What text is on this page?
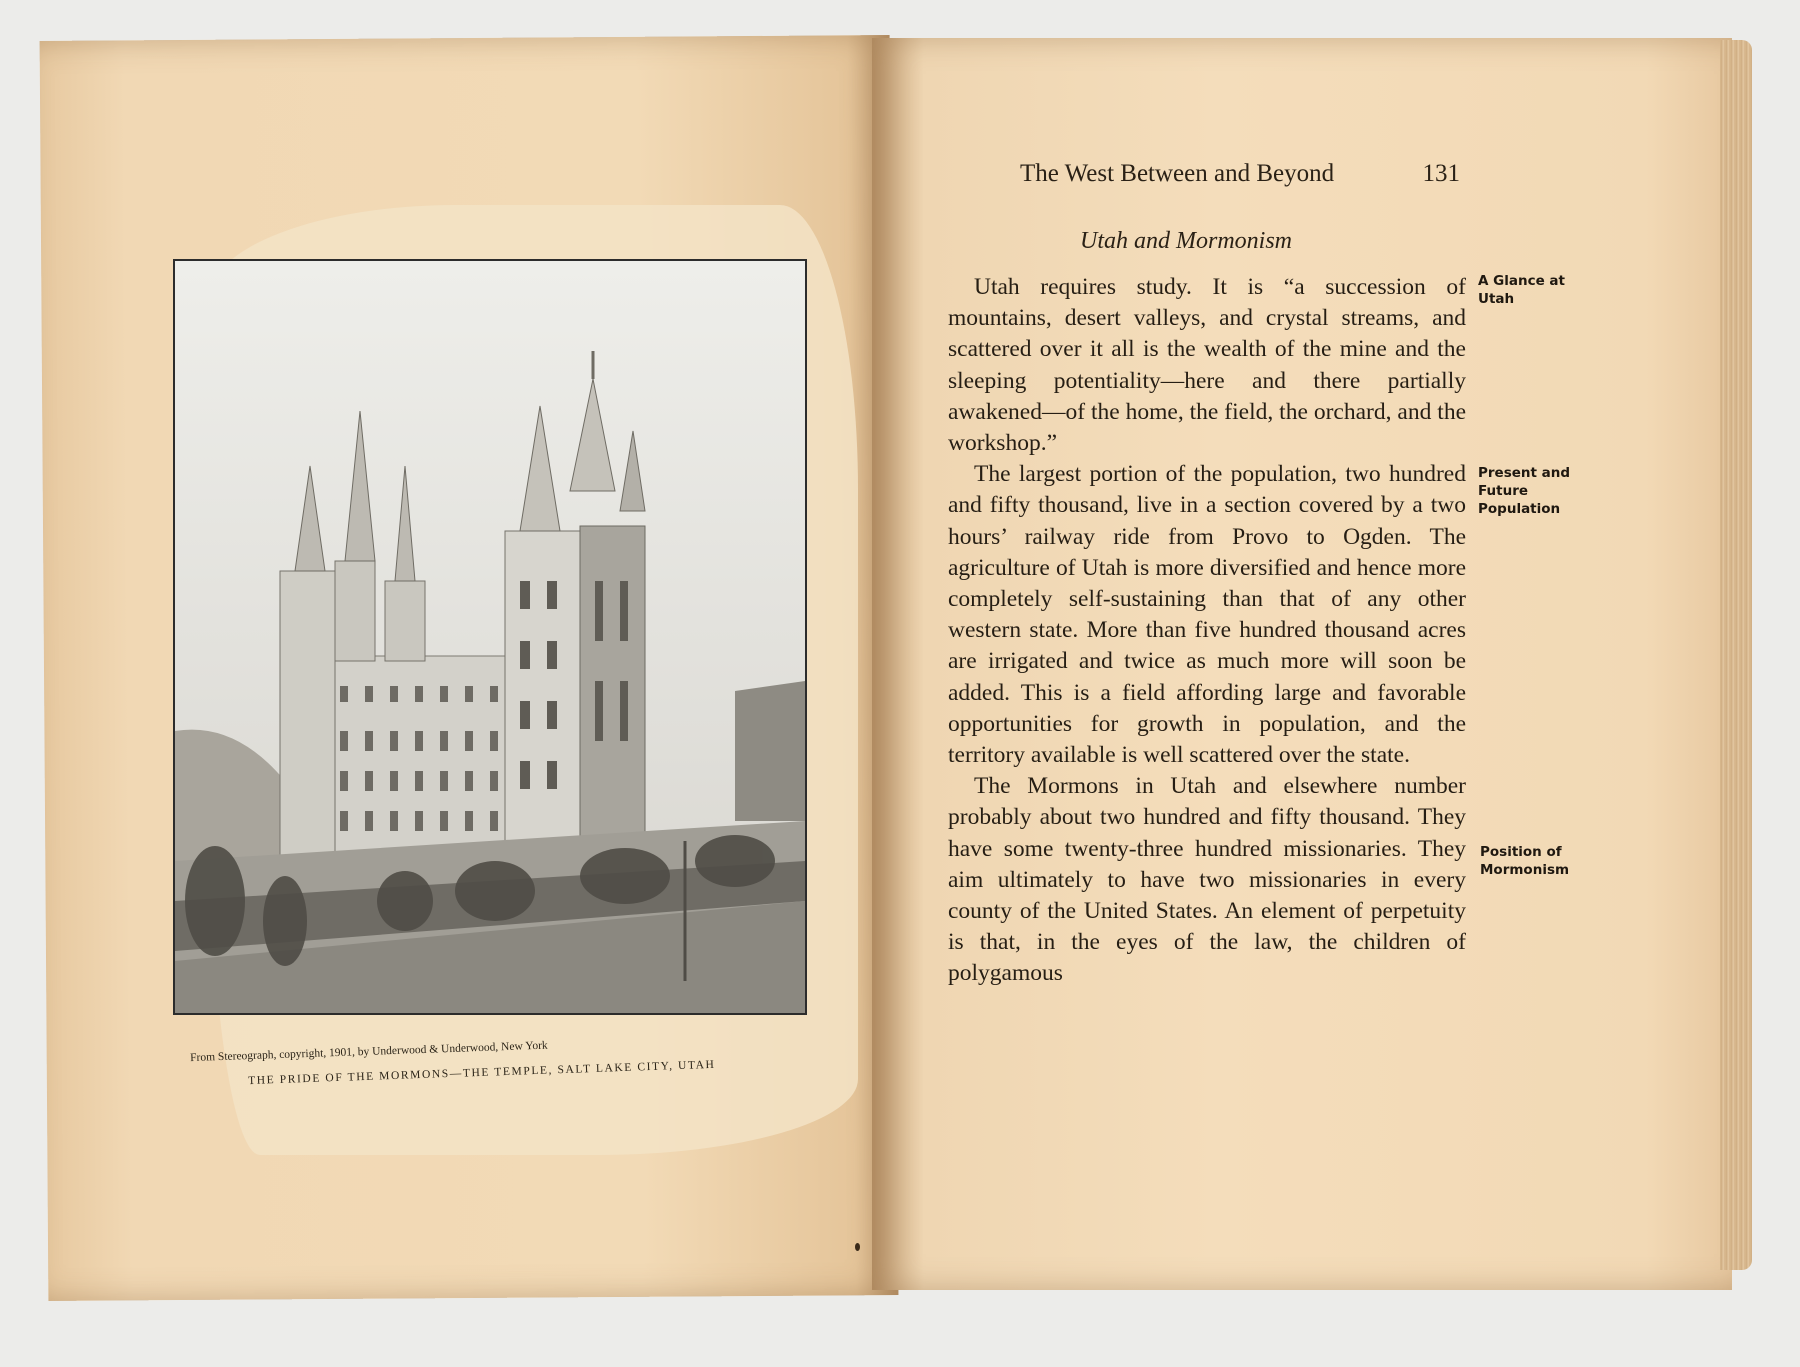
From Stereograph, copyright, 1901, by Underwood & Underwood, New York
THE PRIDE OF THE MORMONS—THE TEMPLE, SALT LAKE CITY, UTAH
The West Between and Beyond	131
Utah and Mormonism

Utah requires study. It is “a succession of mountains, desert valleys, and crystal streams, and scattered over it all is the wealth of the mine and the sleeping potentiality—here and there partially awakened—of the home, the field, the orchard, and the workshop.”

The largest portion of the population, two hundred and fifty thousand, live in a section covered by a two hours’ railway ride from Provo to Ogden. The agriculture of Utah is more diversified and hence more completely self-sustaining than that of any other western state. More than five hundred thousand acres are irrigated and twice as much more will soon be added. This is a field affording large and favorable opportunities for growth in population, and the territory available is well scattered over the state.

The Mormons in Utah and elsewhere number probably about two hundred and fifty thousand. They have some twenty-three hundred missionaries. They aim ultimately to have two missionaries in every county of the United States. An element of perpetuity is that, in the eyes of the law, the children of polygamous

A Glance at Utah
Present and Future Population
Position of Mormonism
